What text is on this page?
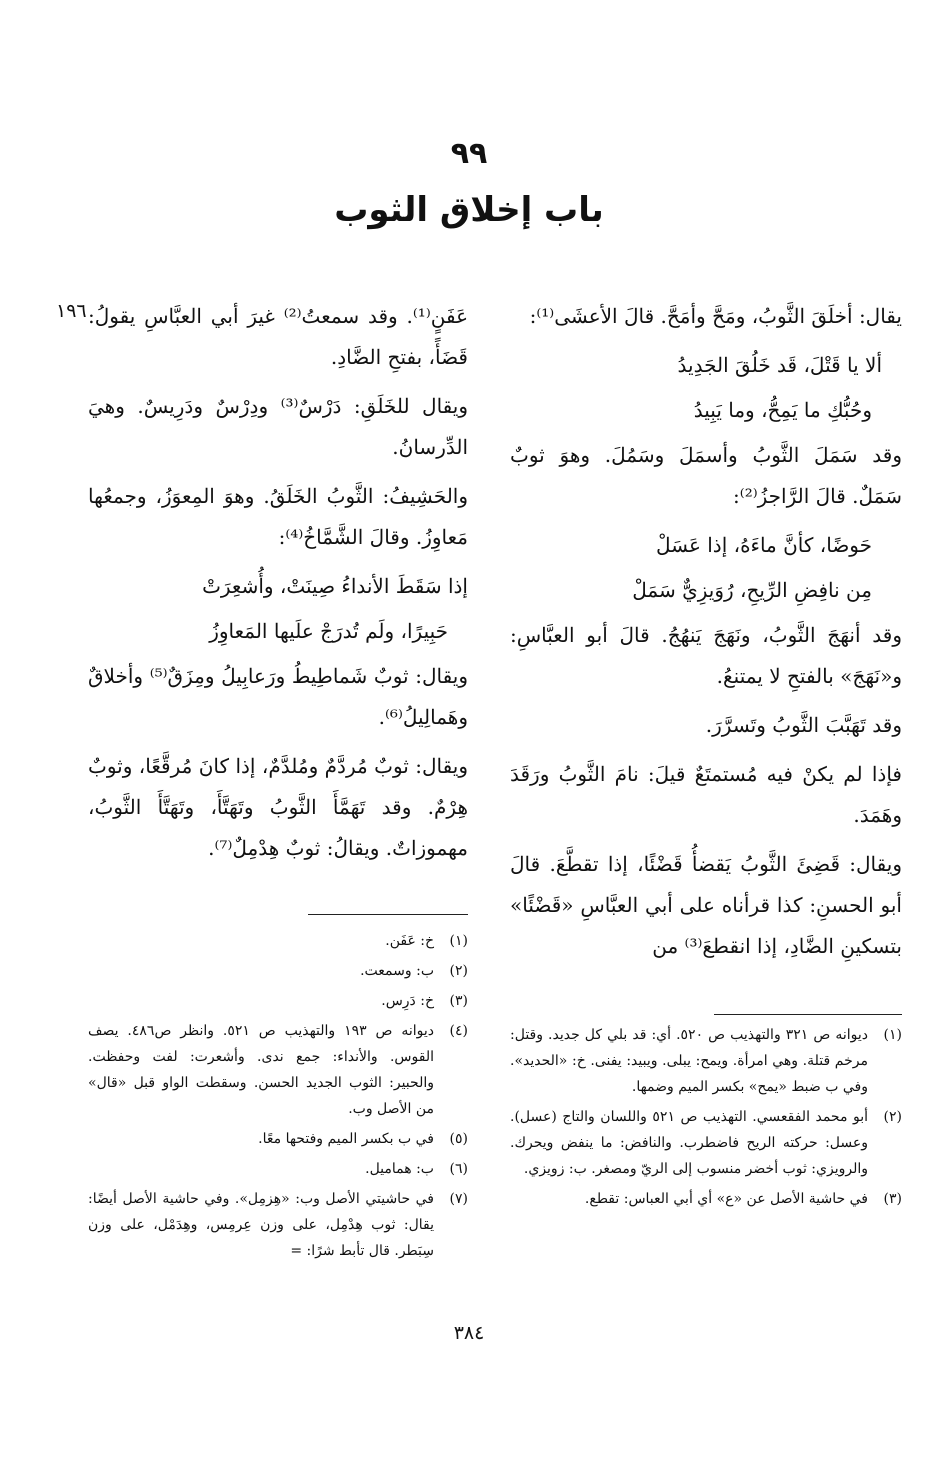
٩٩
باب إخلاق الثوب
١٩٦	يقال: أخلَقَ الثَّوبُ، ومَحَّ وأمَحَّ. قالَ الأعشَى⁽¹⁾:

ألا يا قَتْلَ، قَد خَلُقَ الجَدِيدُ

وحُبُّكِ ما يَمِحُّ، وما يَبِيدُ

وقد سَمَلَ الثَّوبُ وأسمَلَ وسَمُلَ. وهوَ ثوبٌ سَمَلٌ. قالَ الرَّاجزُ⁽²⁾:

حَوضًا، كأنَّ ماءَهُ، إذا عَسَلْ

مِن نافِضِ الرِّيحِ، رُوَيزِيٌّ سَمَلْ

وقد أنهَجَ الثَّوبُ، ونَهَجَ يَنهُجُ. قالَ أبو العبَّاسِ: و«نَهَجَ» بالفتحِ لا يمتنعُ.

وقد تَهَبَّبَ الثَّوبُ وتَسرَّرَ.

فإذا لم يكنْ فيه مُستمتَعٌ قيلَ: نامَ الثَّوبُ ورَقَدَ وهَمَدَ.

ويقال: قَضِئَ الثَّوبُ يَقضأُ قَضْئًا، إذا تقطَّعَ. قالَ أبو الحسنِ: كذا قرأناه على أبي العبَّاسِ «قَضْئًا» بتسكينِ الضَّادِ، إذا انقطعَ⁽³⁾ من

عَفَنٍ⁽¹⁾. وقد سمعتُ⁽²⁾ غيرَ أبي العبَّاسِ يقولُ: قَضَأً، بفتحِ الضَّادِ.

ويقال للخَلَقِ: دَرْسٌ⁽³⁾ ودِرْسٌ ودَرِيسٌ. وهيَ الدِّرسانُ.

والحَشِيفُ: الثَّوبُ الخَلَقُ. وهوَ المِعوَزُ، وجمعُها مَعاوِزُ. وقالَ الشَّمَّاخُ⁽⁴⁾:

إذا سَقَطَ الأنداءُ صِينَتْ، وأُشعِرَتْ

حَبِيرًا، ولَم تُدرَجْ علَيها المَعاوِزُ

ويقال: ثوبٌ شَماطِيطُ ورَعابِيلُ ومِزَقٌ⁽⁵⁾ وأخلاقٌ وهَمالِيلُ⁽⁶⁾.

ويقال: ثوبٌ مُردَّمٌ ومُلدَّمٌ، إذا كانَ مُرقَّعًا، وثوبٌ هِرْمٌ. وقد تَهَمَّأَ الثَّوبُ وتَهَتَّأَ، وتَهَتَّأَ الثَّوبُ، مهموزاتٌ. ويقالُ: ثوبٌ هِدْمِلٌ⁽⁷⁾.

(١)
خ: عَفَن.
(٢)
ب: وسمعت.
(٣)
خ: دَرِس.
(٤)
ديوانه ص ١٩٣ والتهذيب ص ٥٢١. وانظر ص٤٨٦. يصف القوس. والأنداء: جمع ندى. وأشعرت: لفت وحفظت. والحبير: الثوب الجديد الحسن. وسقطت الواو قبل «قال» من الأصل وب.
(٥)
في ب بكسر الميم وفتحها معًا.
(٦)
ب: هماميل.
(٧)
في حاشيتي الأصل وب: «هِزمِل». وفي حاشية الأصل أيضًا: يقال: ثوب هِدْمِل، على وزن عِرمِس، وهِدَمْل، على وزن سِبَطر. قال تأبط شرًا: =
(١)
ديوانه ص ٣٢١ والتهذيب ص ٥٢٠. أي: قد بلي كل جديد. وقتل: مرخم قتلة. وهي امرأة. ويمح: يبلى. ويبيد: يفنى. خ: «الحديد». وفي ب ضبط «يمح» بكسر الميم وضمها.
(٢)
أبو محمد الفقعسي. التهذيب ص ٥٢١ واللسان والتاج (عسل). وعسل: حركته الريح فاضطرب. والنافض: ما ينفض ويحرك. والرويزي: ثوب أخضر منسوب إلى الريّ ومصغر. ب: زويزي.
(٣)
في حاشية الأصل عن «ع» أي أبي العباس: تقطع.

٣٨٤
